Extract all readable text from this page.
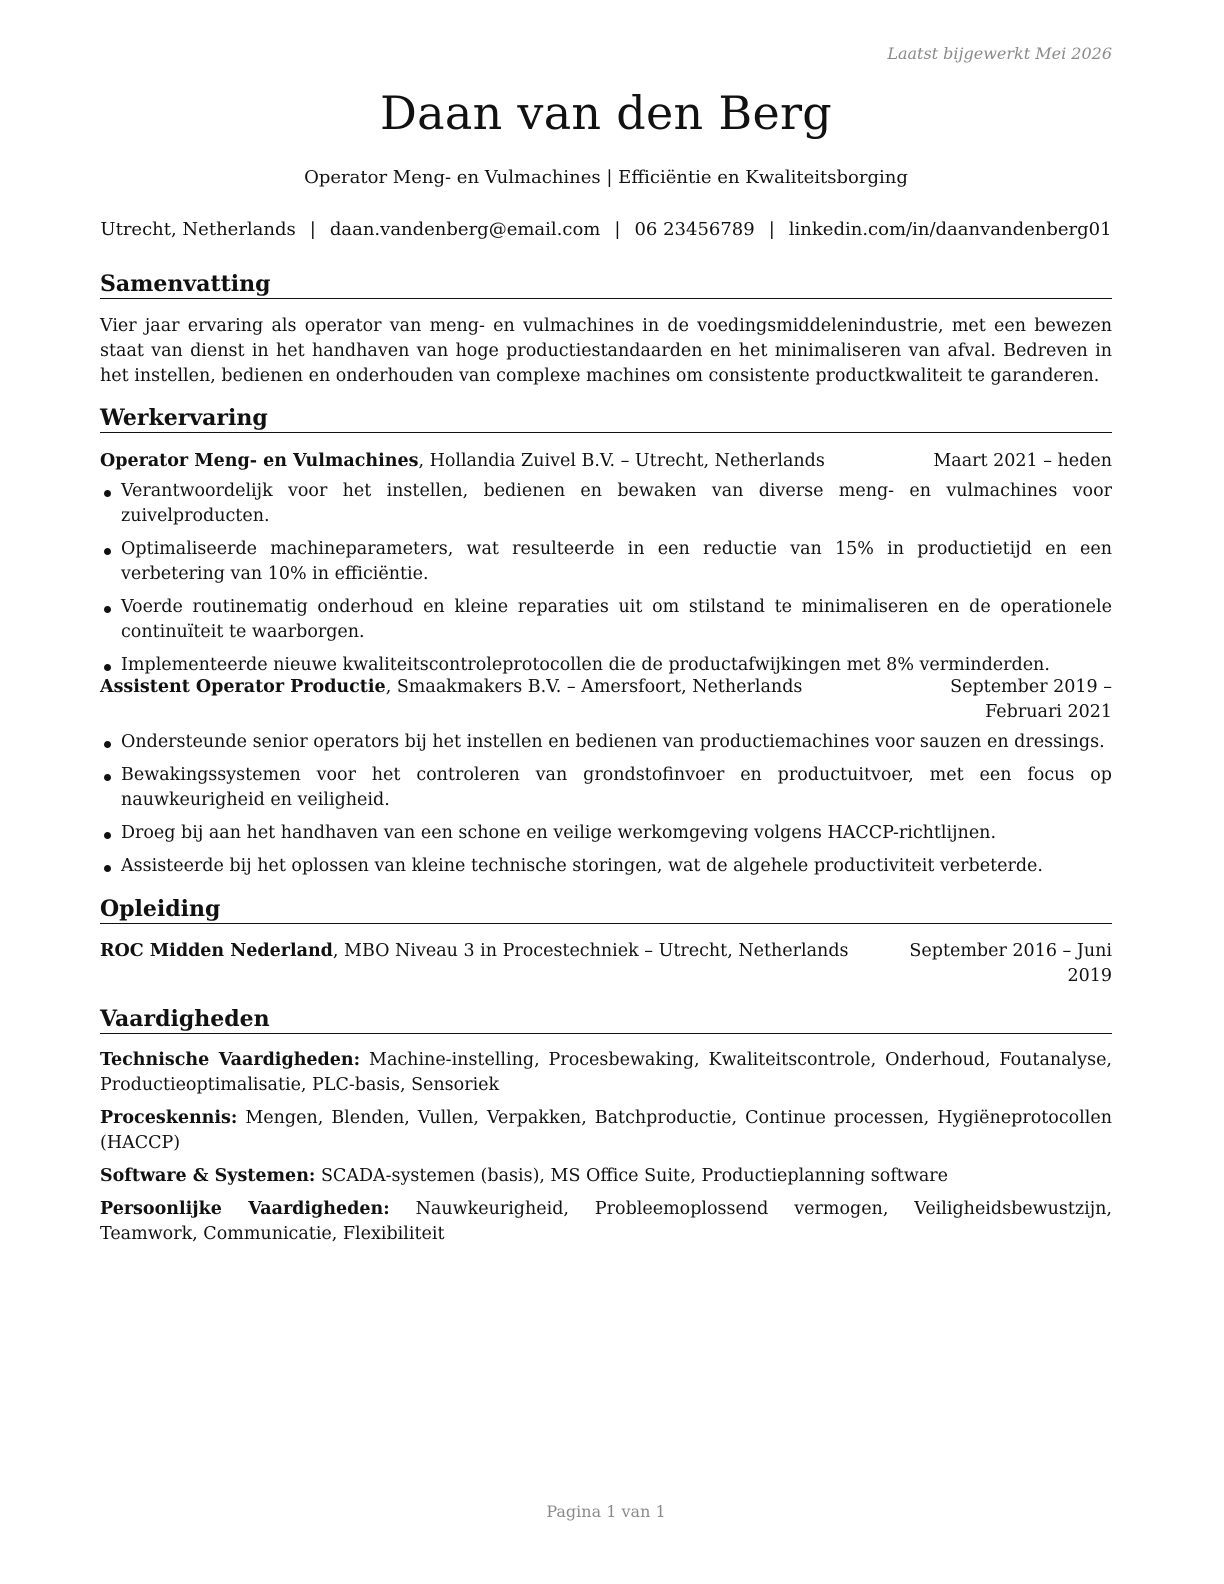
Laatst bijgewerkt Mei 2026
Daan van den Berg
Operator Meng- en Vulmachines | Efficiëntie en Kwaliteitsborging
Utrecht, Netherlands | daan.vandenberg@email.com | 06 23456789 | linkedin.com/in/daanvandenberg01
Samenvatting
Vier jaar ervaring als operator van meng- en vulmachines in de voedingsmiddelenindustrie, met een bewezen staat van dienst in het handhaven van hoge productiestandaarden en het minimaliseren van afval. Bedreven in het instellen, bedienen en onderhouden van complexe machines om consistente productkwaliteit te garanderen.
Werkervaring
Operator Meng- en Vulmachines, Hollandia Zuivel B.V. – Utrecht, Netherlands	Maart 2021 – heden
Verantwoordelijk voor het instellen, bedienen en bewaken van diverse meng- en vulmachines voor zuivelproducten.
Optimaliseerde machineparameters, wat resulteerde in een reductie van 15% in productietijd en een verbetering van 10% in efficiëntie.
Voerde routinematig onderhoud en kleine reparaties uit om stilstand te minimaliseren en de operationele continuïteit te waarborgen.
Implementeerde nieuwe kwaliteitscontroleprotocollen die de productafwijkingen met 8% verminderden.
Assistent Operator Productie, Smaakmakers B.V. – Amersfoort, Netherlands	September 2019 – Februari 2021
Ondersteunde senior operators bij het instellen en bedienen van productiemachines voor sauzen en dressings.
Bewakingssystemen voor het controleren van grondstofinvoer en productuitvoer, met een focus op nauwkeurigheid en veiligheid.
Droeg bij aan het handhaven van een schone en veilige werkomgeving volgens HACCP-richtlijnen.
Assisteerde bij het oplossen van kleine technische storingen, wat de algehele productiviteit verbeterde.
Opleiding
ROC Midden Nederland, MBO Niveau 3 in Procestechniek – Utrecht, Netherlands	September 2016 – Juni 2019
Vaardigheden
Technische Vaardigheden: Machine-instelling, Procesbewaking, Kwaliteitscontrole, Onderhoud, Foutanalyse, Productieoptimalisatie, PLC-basis, Sensoriek
Proceskennis: Mengen, Blenden, Vullen, Verpakken, Batchproductie, Continue processen, Hygiëneprotocollen (HACCP)
Software & Systemen: SCADA-systemen (basis), MS Office Suite, Productieplanning software
Persoonlijke Vaardigheden: Nauwkeurigheid, Probleemoplossend vermogen, Veiligheidsbewustzijn, Teamwork, Communicatie, Flexibiliteit
Pagina 1 van 1
